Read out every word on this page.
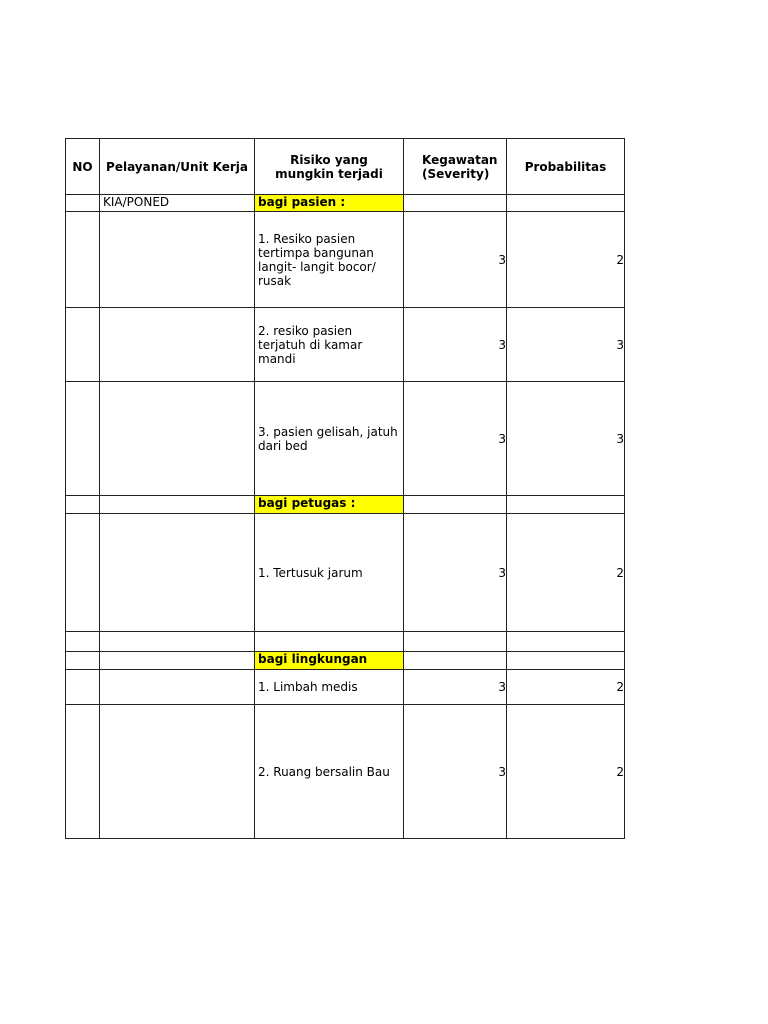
NO	Pelayanan/Unit Kerja	Risiko yang mungkin terjadi	Kegawatan (Severity)	Probabilitas
	KIA/PONED	bagi pasien :		
		1. Resiko pasien tertimpa bangunan langit- langit bocor/ rusak	3	2
		2. resiko pasien terjatuh di kamar mandi	3	3
		3. pasien gelisah, jatuh dari bed	3	3
		bagi petugas :		
		1. Tertusuk jarum	3	2

		bagi lingkungan		
		1. Limbah medis	3	2
		2. Ruang bersalin Bau	3	2
